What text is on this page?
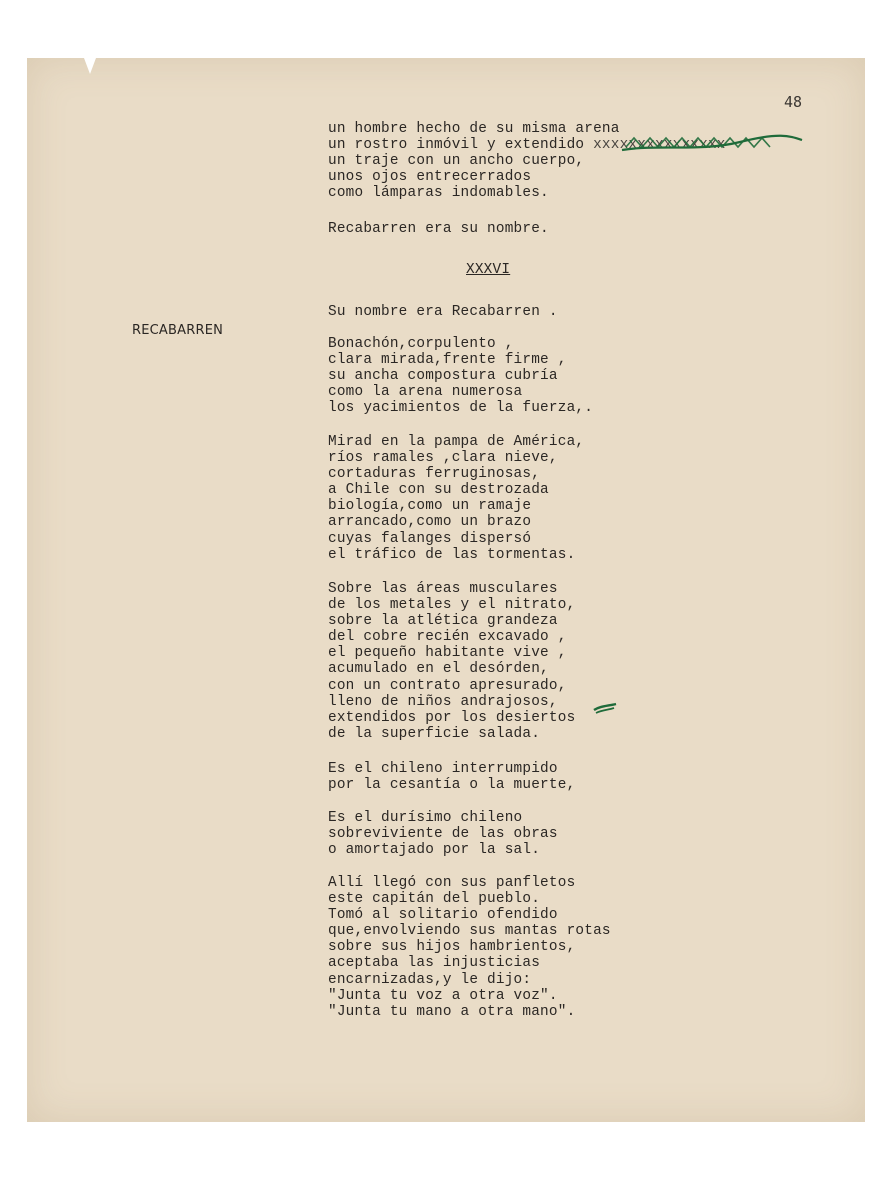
48
RECABARREN
un hombre hecho de su misma arena
un rostro inmóvil y extendido xxxxxxxxxxxxxxx
un traje con un ancho cuerpo,
unos ojos entrecerrados
como lámparas indomables.
Recabarren era su nombre.
XXXVI
Su nombre era Recabarren .
Bonachón,corpulento ,
clara mirada,frente firme ,
su ancha compostura cubría
como la arena numerosa
los yacimientos de la fuerza,.
Mirad en la pampa de América,
ríos ramales ,clara nieve,
cortaduras ferruginosas,
a Chile con su destrozada
biología,como un ramaje
arrancado,como un brazo
cuyas falanges dispersó
el tráfico de las tormentas.
Sobre las áreas musculares
de los metales y el nitrato,
sobre la atlética grandeza
del cobre recién excavado ,
el pequeño habitante vive ,
acumulado en el desórden,
con un contrato apresurado,
lleno de niños andrajosos,
extendidos por los desiertos
de la superficie salada.
Es el chileno interrumpido
por la cesantía o la muerte,
Es el durísimo chileno
sobreviviente de las obras
o amortajado por la sal.
Allí llegó con sus panfletos
este capitán del pueblo.
Tomó al solitario ofendido
que,envolviendo sus mantas rotas
sobre sus hijos hambrientos,
aceptaba las injusticias
encarnizadas,y le dijo:
"Junta tu voz a otra voz".
"Junta tu mano a otra mano".
